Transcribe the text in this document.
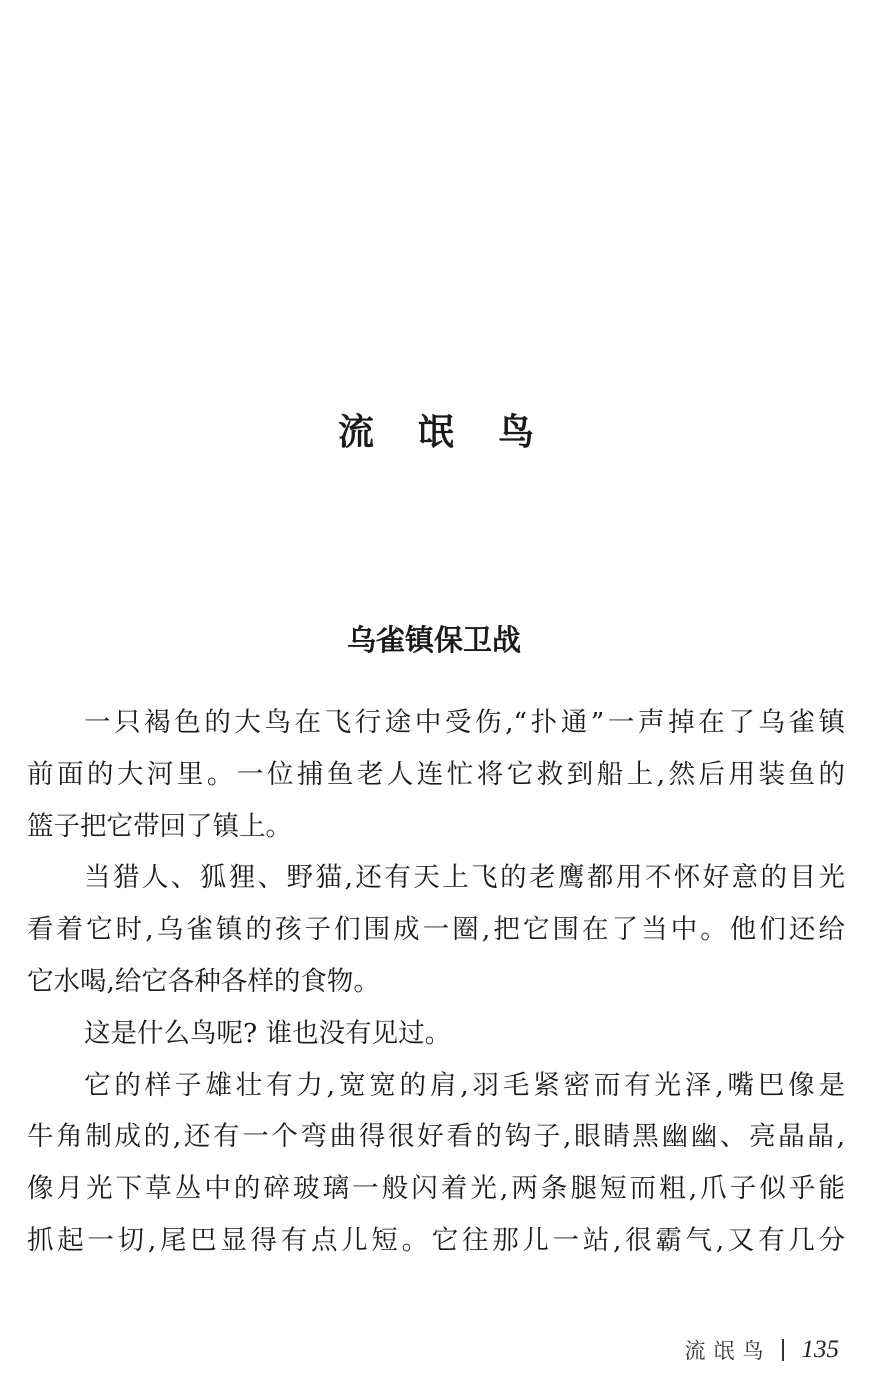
流 氓 鸟
乌雀镇保卫战
一只褐色的大鸟在飞行途中受伤,“扑通”一声掉在了乌雀镇
前面的大河里。一位捕鱼老人连忙将它救到船上,然后用装鱼的
篮子把它带回了镇上。
当猎人、狐狸、野猫,还有天上飞的老鹰都用不怀好意的目光
看着它时,乌雀镇的孩子们围成一圈,把它围在了当中。他们还给
它水喝,给它各种各样的食物。
这是什么鸟呢? 谁也没有见过。
它的样子雄壮有力,宽宽的肩,羽毛紧密而有光泽,嘴巴像是
牛角制成的,还有一个弯曲得很好看的钩子,眼睛黑幽幽、亮晶晶,
像月光下草丛中的碎玻璃一般闪着光,两条腿短而粗,爪子似乎能
抓起一切,尾巴显得有点儿短。它往那儿一站,很霸气,又有几分
流氓鸟 135
